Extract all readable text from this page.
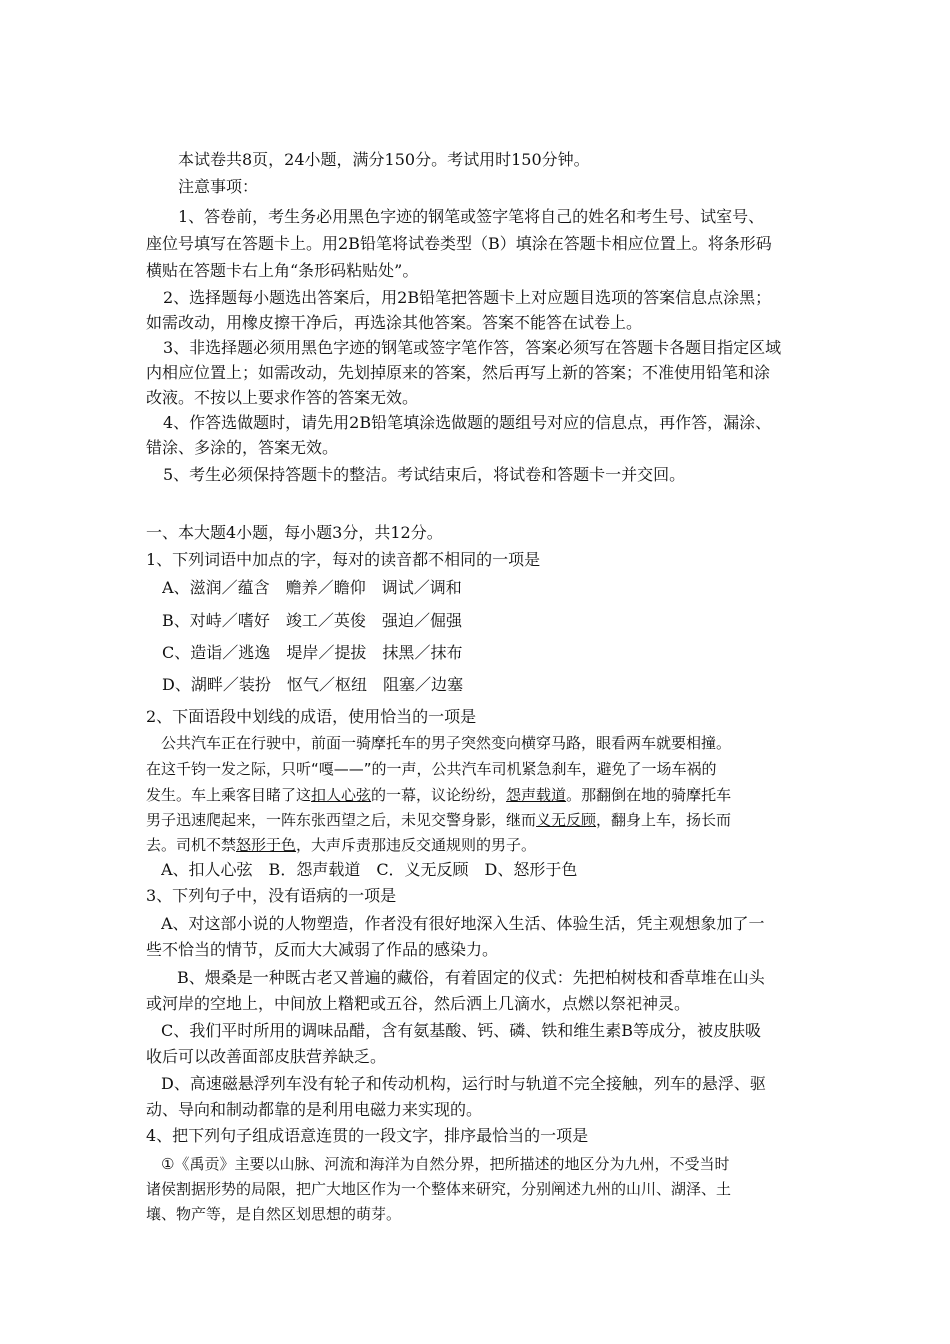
本试卷共8页，24小题，满分150分。考试用时150分钟。
注意事项：
1、答卷前，考生务必用黑色字迹的钢笔或签字笔将自己的姓名和考生号、试室号、
座位号填写在答题卡上。用2B铅笔将试卷类型（B）填涂在答题卡相应位置上。将条形码
横贴在答题卡右上角“条形码粘贴处”。
2、选择题每小题选出答案后，用2B铅笔把答题卡上对应题目选项的答案信息点涂黑；
如需改动，用橡皮擦干净后，再选涂其他答案。答案不能答在试卷上。
3、非选择题必须用黑色字迹的钢笔或签字笔作答，答案必须写在答题卡各题目指定区域
内相应位置上；如需改动，先划掉原来的答案，然后再写上新的答案；不准使用铅笔和涂
改液。不按以上要求作答的答案无效。
4、作答选做题时，请先用2B铅笔填涂选做题的题组号对应的信息点，再作答，漏涂、
错涂、多涂的，答案无效。
5、考生必须保持答题卡的整洁。考试结束后，将试卷和答题卡一并交回。
一、本大题4小题，每小题3分，共12分。
1、下列词语中加点的字，每对的读音都不相同的一项是
A、滋润／蕴含 赡养／瞻仰 调试／调和
B、对峙／嗜好 竣工／英俊 强迫／倔强
C、造诣／逃逸 堤岸／提拔 抹黑／抹布
D、湖畔／装扮 怄气／枢纽 阻塞／边塞
2、下面语段中划线的成语，使用恰当的一项是
公共汽车正在行驶中，前面一骑摩托车的男子突然变向横穿马路，眼看两车就要相撞。
在这千钧一发之际，只听“嘎——”的一声，公共汽车司机紧急刹车，避免了一场车祸的
发生。车上乘客目睹了这扣人心弦的一幕，议论纷纷，怨声载道。那翻倒在地的骑摩托车
男子迅速爬起来，一阵东张西望之后，未见交警身影，继而义无反顾，翻身上车，扬长而
去。司机不禁怒形于色，大声斥责那违反交通规则的男子。
A、扣人心弦　B．怨声载道　C．义无反顾　D、怒形于色
3、下列句子中，没有语病的一项是
A、对这部小说的人物塑造，作者没有很好地深入生活、体验生活，凭主观想象加了一
些不恰当的情节，反而大大减弱了作品的感染力。
B、煨桑是一种既古老又普遍的藏俗，有着固定的仪式：先把柏树枝和香草堆在山头
或河岸的空地上，中间放上糌粑或五谷，然后洒上几滴水，点燃以祭祀神灵。
C、我们平时所用的调味品醋，含有氨基酸、钙、磷、铁和维生素B等成分，被皮肤吸
收后可以改善面部皮肤营养缺乏。
D、高速磁悬浮列车没有轮子和传动机构，运行时与轨道不完全接触，列车的悬浮、驱
动、导向和制动都靠的是利用电磁力来实现的。
4、把下列句子组成语意连贯的一段文字，排序最恰当的一项是
①《禹贡》主要以山脉、河流和海洋为自然分界，把所描述的地区分为九州，不受当时
诸侯割据形势的局限，把广大地区作为一个整体来研究，分别阐述九州的山川、湖泽、土
壤、物产等，是自然区划思想的萌芽。
